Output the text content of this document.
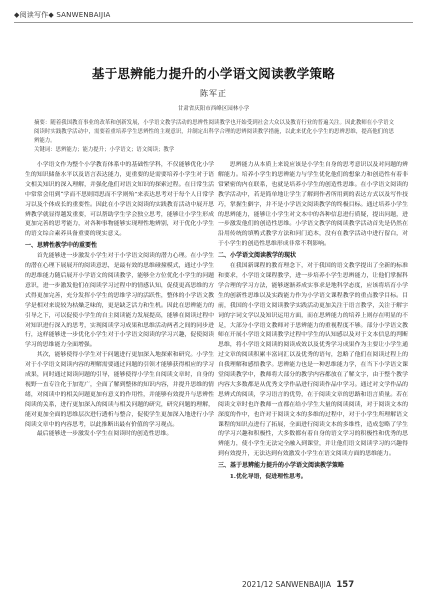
◆阅读写作◆ SANWENBAIJIA
基于思辨能力提升的小学语文阅读教学策略
陈军正
甘肃省庆阳市西峰区园林小学
摘要：随着我国教育事业的改革和创新发展，小学语文教学活动的思辨性阅读教学也开始受到社会大众以及教育行业的普遍关注。因此教师在小学语文阅读时实践教学活动中，需要着重培养学生思辨性的主观意识，并制定出科学合理的思辨阅读教学措施，以此来优化小学生的思辨思维，提高他们的思辨能力。
关键词：思辨能力；能力提升；小学语文；语文阅读；教学

小学语文作为整个小学教育体系中的基础性学科，不仅能够优化小学生的知识储备水平以及语言表达能力，更重要的是需要培养小学生对于语文相关知识的深入理解，并强化他们对语文知识的探索过程。在日常生活中常常会用到“学而不思则罔思而不学则殆”来表达思考对于每个人日常学习以及个体成长的重要性。因此在小学语文阅读的实践教育活动中展开思辨教学就显得越发重要，可以帮助学生学会独立思考，能够让小学生形成更加完善的思考能力，对各种事物能够实现理性地辨别，对于优化小学生的语文综合素养具备重要的现实意义。

一、思辨性教学中的重要性

首先能够进一步激发小学生对于小学语文阅读的潜力心理。在小学生的潜在心理下展展开的阅读意思，是最有效的思维碰撞模式，通过小学生的思维能力随后展开小学语文的阅读教学，能够全方位优化小学生的问题意识，进一步激发他们在阅读学习过程中的情感认知，促使更高思维的方式得更加完善，充分发挥小学生的思维学习的活跃性，整体的小学语文教学是相对来说较为枯燥乏味的，更是缺乏活力和生机。因此在思辨能力的引导之下，可以促使小学生的自主阅读能力发展提高，能够在阅读过程中对知识进行深入的思考，实现阅读学习成果和思维活动两者之间的同步进行，这样能够进一步优化小学生对于小学语文阅读的学习兴趣，促使阅读学习的思维能力全面增强。

其次，能够使得小学生对于问题进行更加深入地探索和研究。小学生对于小学语文阅读内容的理解需要通过问题的引领才能够获得相应的学习成果，同时通过阅读问题的引导，能够使得小学生自阅读文章时，自身的视野一直专注化于加宽广，全面了解到整体的知识内容，并提升思维的情绪，对阅读中的相关问题更加有意义的作用性，并能够有效提升与思辨性阅读的关系，进行更加深入的阅读与相关问题的研究，研究问题的理解，能对更加全面的思维层次进行透析与整合，促使学生更加深入地进行小学阅读文章中的内容思考，以此推断出最有价值的学习观点。

最后能够进一步激发小学生在阅读时的创造性思维。

思辨能力从本质上来说应该是小学生自身的思考意识以及对问题的辨解能力。培养小学生的思辨能力与学生优化他们的想象力和创造性有着非常紧密的内在联系，也就是培养小学生的创造性思维。在小学语文阅读的教学活动中，若是简单地让学生了解到作者所用到的表达方式以及写作技巧，掌握生僻字，并不是小学语文阅读教学的终极目标。通过培养小学生的思辨能力，能够让小学生对文本中的各种信息进行质疑，提出问题，进一步激发他们的创造性思维。小学语文教学的阅读教学活动首先是仍然在沿用传统的填鸭式教学方法和问门追本，没有在教学活动中进行留白，对于小学生的创造性思维形成非常不利影响。

二、小学语文阅读教学的现状

在我国新课程的教育理念下，对于我国的语文教学提出了全新的标准和要求，小学语文课程教学，进一步培养小学生思辨能力，让他们掌握科学合理的学习方法，能够逐渐养成实事求是地科学态度，应该将培育小学生的创新性思维以及实践能力作为小学语文课程教学的重点教学目标。目前，我国的小学语文阅读教学实践活动更加关注于语言教学，关注于解字词的字词文学以及知识运用方面，而在思辨能力的培养上则存在明显的不足，大部分小学语文教师对于思辨能力的重视程度不够。部分小学语文教师在开展小学语文阅读教学过程中学生的认知感以及对于文本信息的判断思维，将小学语文阅读的阅读成效以及优秀学习成果作为主要让小学生通过文章的阅读积累丰富词汇以及优秀的语句，忽略了他们在阅读过程上的自我理解和感悟教学。思辨能力也是一种思维能力学，在当下小学语文课堂阅读教学中，教师将大部分的教学内容都放在了解文字，由于整个教学内容大多数都是从优秀文学作品进行阅读作品中学习。通过对文学作品的思辨式的阅读，学习语言的优势，在于阅读文章的思路和语言质量。若在阅读文章时也许教师一直都在给小学生大量的阅读阅读，对于阅读文本的深度的作中，也许对于阅读文本的多维的过程中，对于小学生所理解语文课程的知识点进行了拓展，全面进行阅读文本的多维性，造成忽略了学生的学习兴趣和积极性，大多数都有着自身的语文学习的积极性和优秀的思辨能力，使小学生无法完全融入到课堂，并让他们语文阅读学习的兴趣得到有效提升，无法达到有效激发小学生在语文阅读方面的思维能力。

三、基于思辨能力提升的小学语文阅读教学策略

1.优化导语，促进理性思考。

2021/12 SANWENBAIJIA 157
